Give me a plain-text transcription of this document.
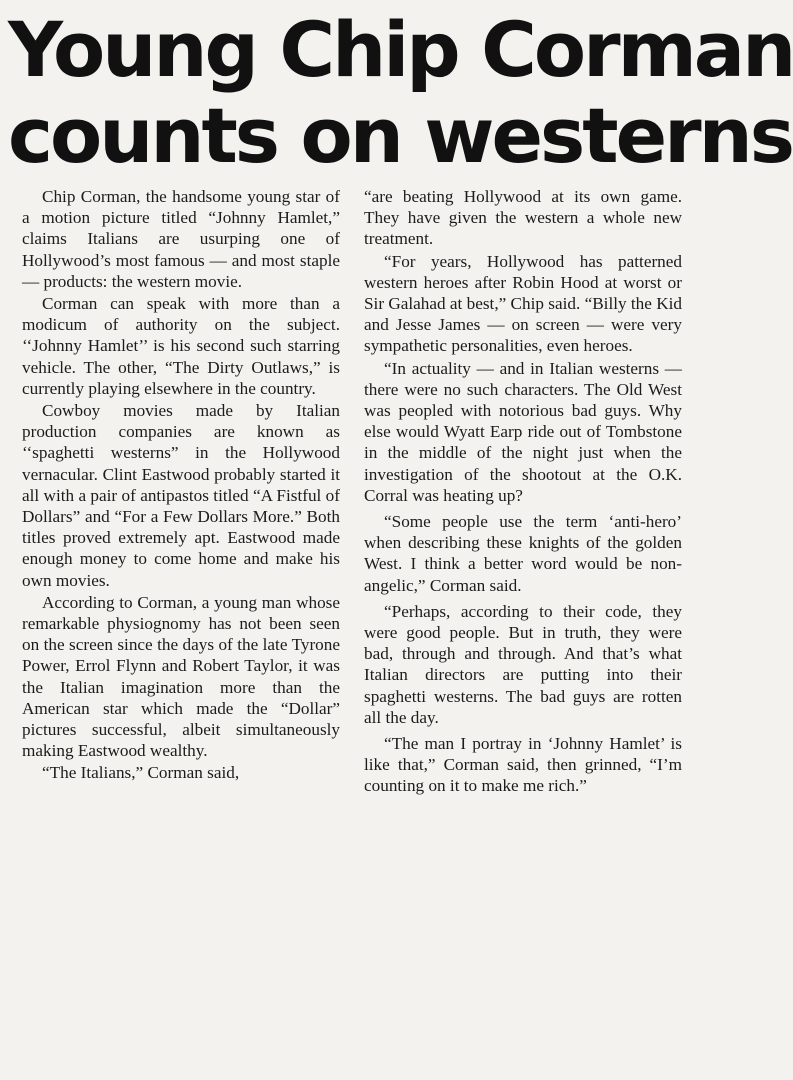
Young Chip Corman
counts on westerns

Chip Corman, the handsome young star of a motion picture titled “Johnny Hamlet,” claims Italians are usurping one of Hollywood’s most famous — and most staple — products: the western movie.

Corman can speak with more than a modicum of authority on the subject. ‘‘Johnny Hamlet’’ is his second such starring vehicle. The other, “The Dirty Outlaws,” is currently playing elsewhere in the country.

Cowboy movies made by Italian production companies are known as ‘‘spaghetti westerns” in the Hollywood vernacular. Clint Eastwood probably started it all with a pair of antipastos titled “A Fistful of Dollars” and “For a Few Dollars More.” Both titles proved extremely apt. Eastwood made enough money to come home and make his own movies.

According to Corman, a young man whose remarkable physiognomy has not been seen on the screen since the days of the late Tyrone Power, Errol Flynn and Robert Taylor, it was the Italian imagination more than the American star which made the “Dollar” pictures successful, albeit simultaneously making Eastwood wealthy.

“The Italians,” Corman said,

“are beating Hollywood at its own game. They have given the western a whole new treatment.

“For years, Hollywood has patterned western heroes after Robin Hood at worst or Sir Galahad at best,” Chip said. “Billy the Kid and Jesse James — on screen — were very sympathetic personalities, even heroes.

“In actuality — and in Italian westerns — there were no such characters. The Old West was peopled with notorious bad guys. Why else would Wyatt Earp ride out of Tombstone in the middle of the night just when the investigation of the shootout at the O.K. Corral was heating up?

“Some people use the term ‘anti-hero’ when describing these knights of the golden West. I think a better word would be non-angelic,” Corman said.

“Perhaps, according to their code, they were good people. But in truth, they were bad, through and through. And that’s what Italian directors are putting into their spaghetti westerns. The bad guys are rotten all the day.

“The man I portray in ‘Johnny Hamlet’ is like that,” Corman said, then grinned, “I’m counting on it to make me rich.”
